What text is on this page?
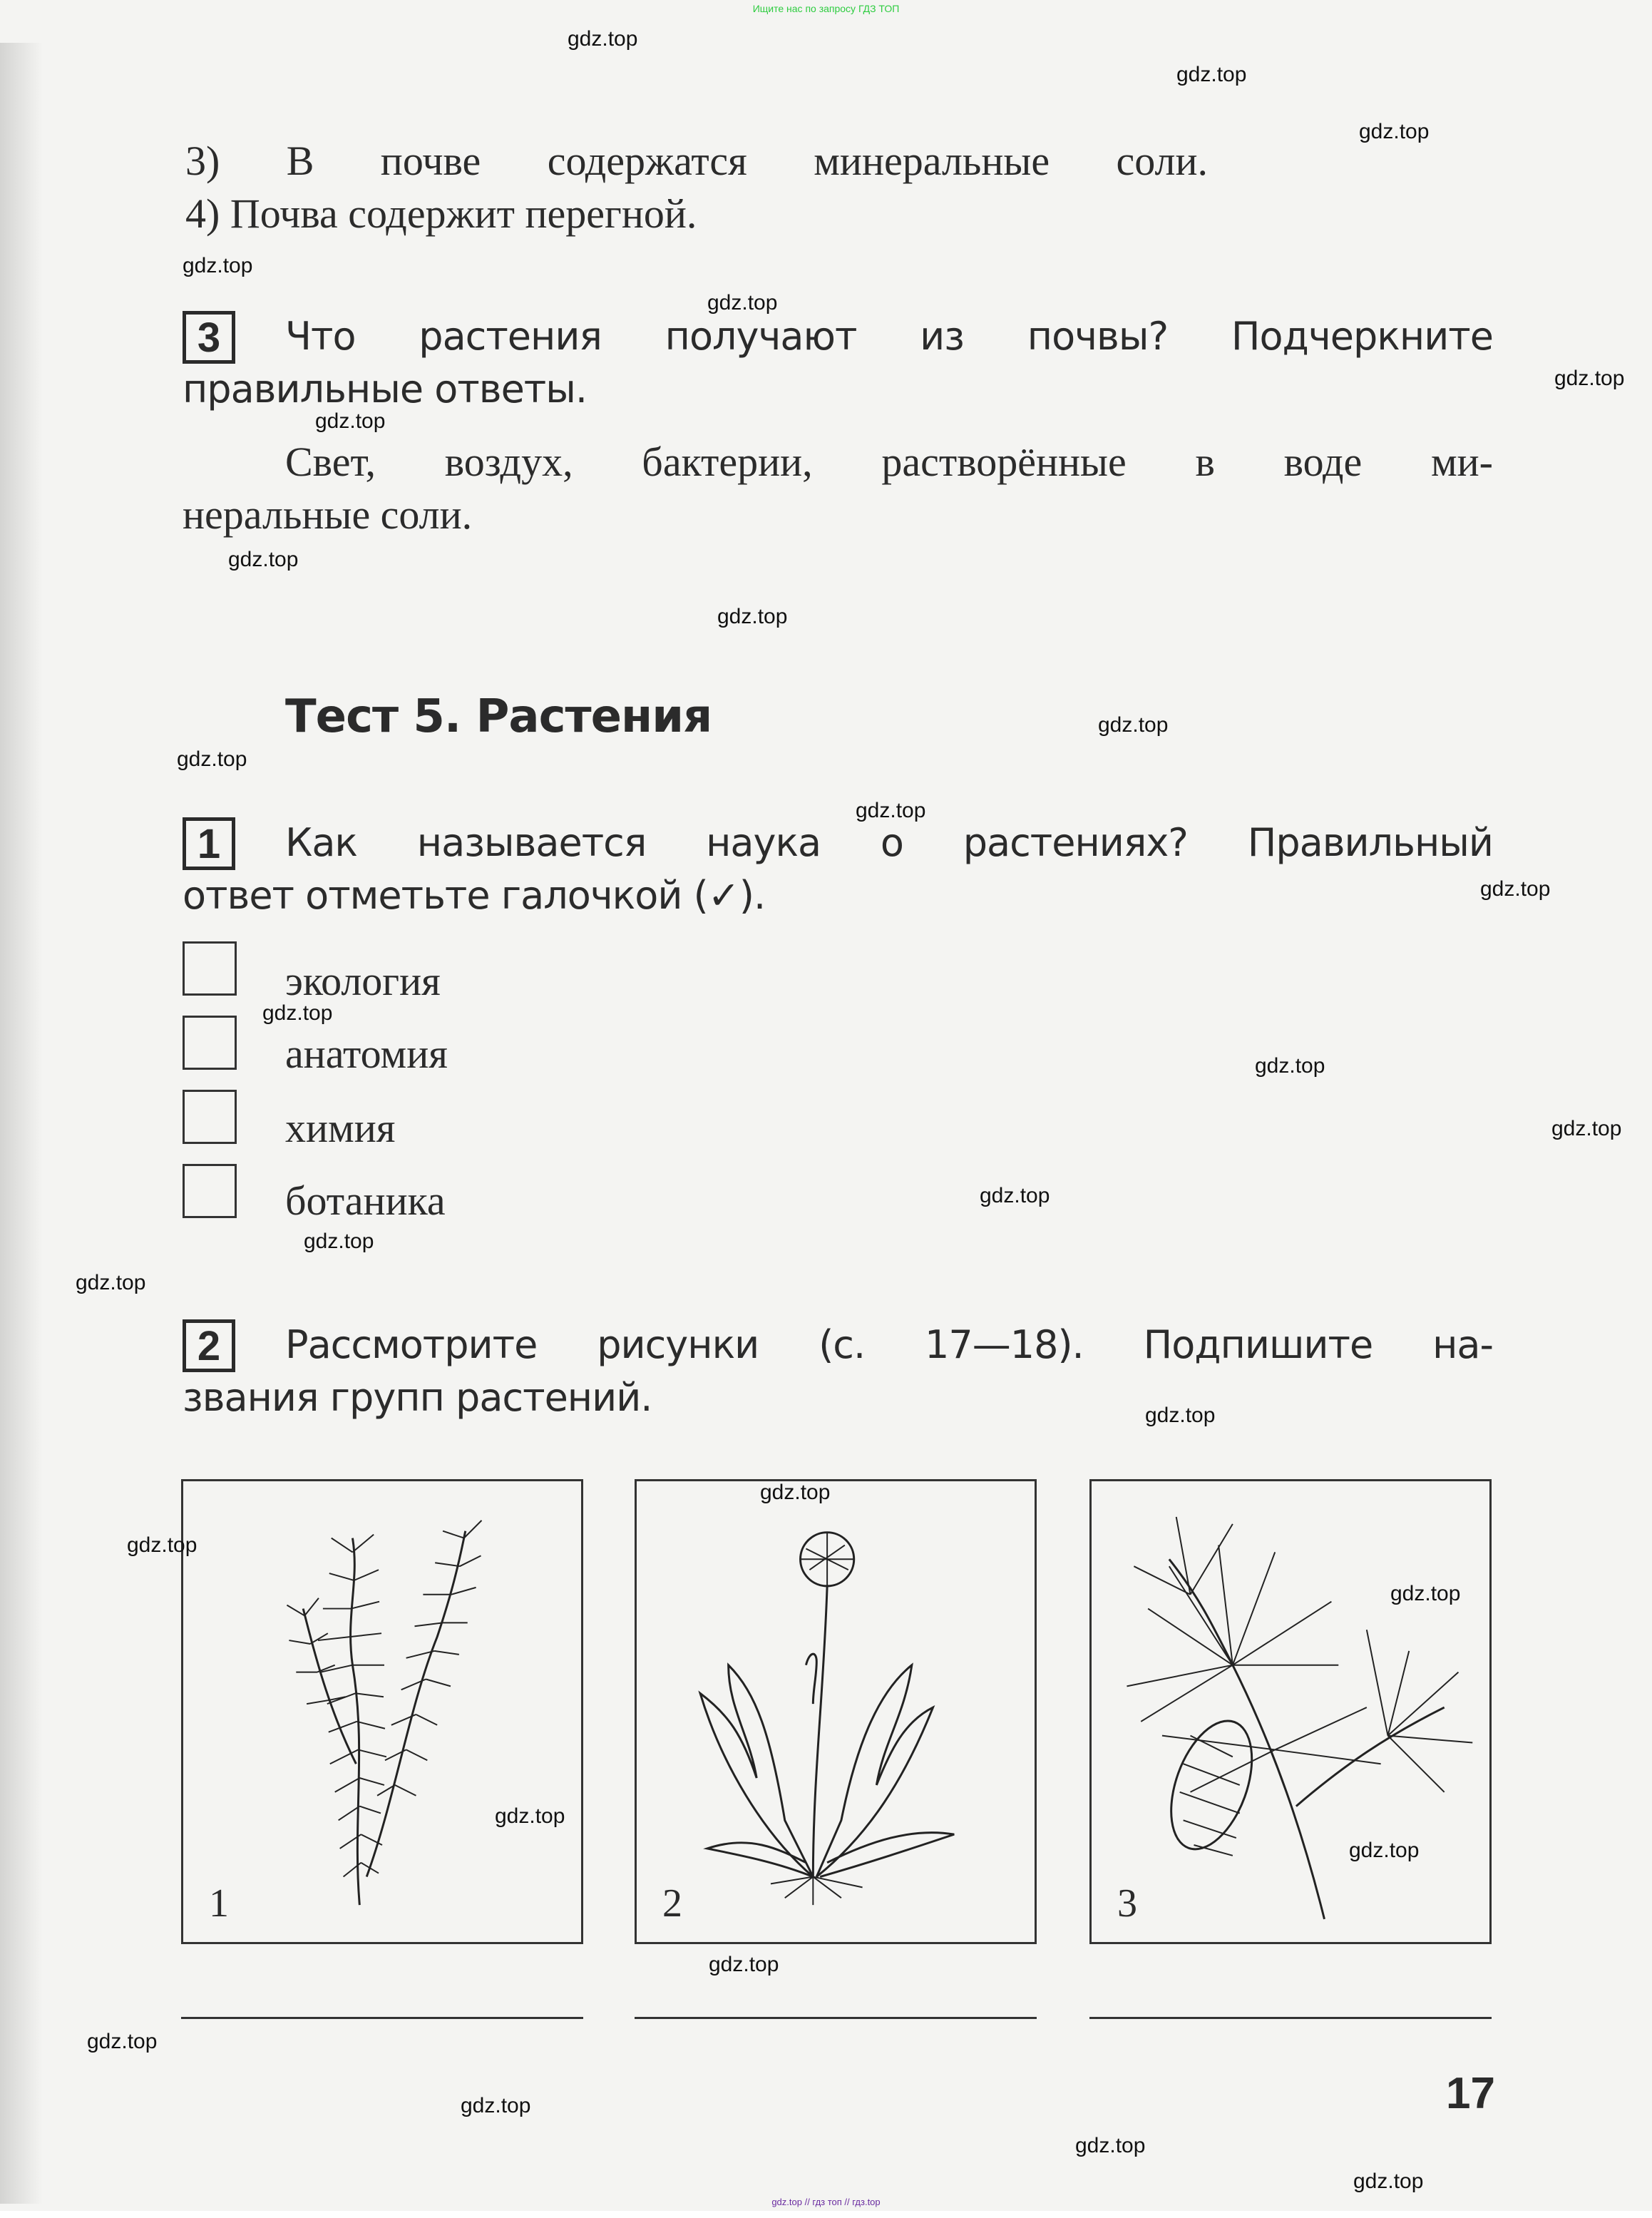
Ищите нас по запросу ГДЗ ТОП
3) В почве содержатся минеральные соли.
4) Почва содержит перегной.
3	Что растения получают из почвы? Подчеркните
правильные ответы.
Свет, воздух, бактерии, растворённые в воде ми-
неральные соли.
Тест 5. Растения
1	Как называется наука о растениях? Правильный
ответ отметьте галочкой (✓).
экология
анатомия
химия
ботаника
2	Рассмотрите рисунки (с. 17—18). Подпишите на-
звания групп растений.
1	2	3
17
gdz.top
gdz.top
gdz.top
gdz.top
gdz.top
gdz.top
gdz.top
gdz.top
gdz.top
gdz.top
gdz.top
gdz.top
gdz.top
gdz.top
gdz.top
gdz.top
gdz.top
gdz.top
gdz.top
gdz.top
gdz.top
gdz.top
gdz.top
gdz.top
gdz.top
gdz.top
gdz.top
gdz.top
gdz.top
gdz.top
gdz.top // гдз топ // гдз.top
